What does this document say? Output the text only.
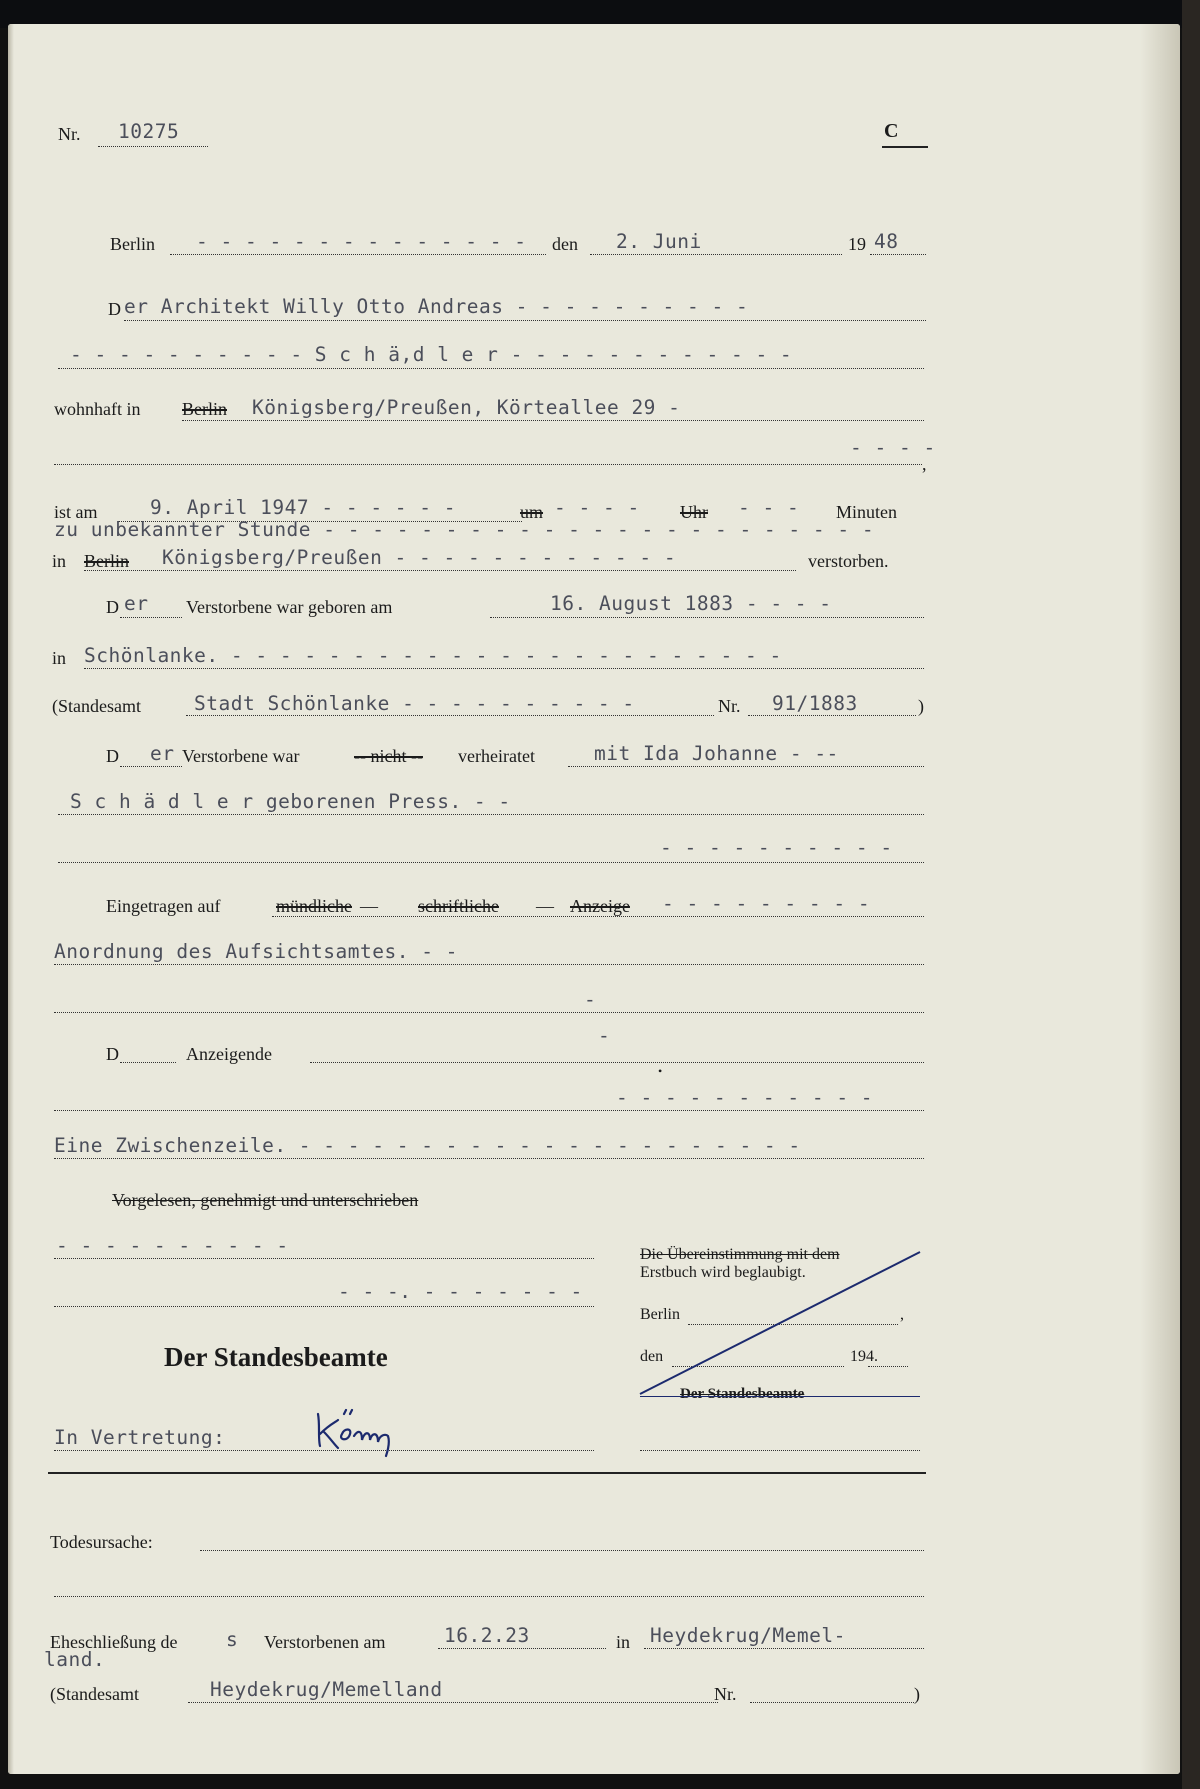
Nr. 10275	C
Berlin - - - - - - - - - - - - - - den 2. Juni	19 48
D er Architekt Willy Otto Andreas - - - - - - - - - -
- - - - - - - - - - S c h ä,d l e r - - - - - - - - - - - -
wohnhaft in Berlin Königsberg/Preußen, Körteallee 29 -
- - - -
,
ist am	9. April 1947 - - - - - -	um - - - - Uhr - - - Minuten
zu unbekannter Stunde - - - - - - - - - - - - - - - - - - - - - - -
in Berlin Königsberg/Preußen - - - - - - - - - - - -	verstorben.
D er Verstorbene war geboren am	16. August 1883 - - - -
in Schönlanke. - - - - - - - - - - - - - - - - - - - - - - -
(Standesamt	Stadt Schönlanke - - - - - - - - - -	Nr. 91/1883	)
D er Verstorbene war	-- nicht -- verheiratet	mit Ida Johanne - --
S c h ä d l e r geborenen Press. - -
- - - - - - - - - -
Eingetragen auf	mündliche — schriftliche — Anzeige - - - - - - - - -
Anordnung des Aufsichtsamtes. - -
-
D	Anzeigende
-
•
- - - - - - - - - - -
Eine Zwischenzeile. - - - - - - - - - - - - - - - - - - - - -
Vorgelesen, genehmigt und unterschrieben
- - - - - - - - - -
- - -. - - - - - - -
Der Standesbeamte
In Vertretung:
Die Übereinstimmung mit dem
Erstbuch wird beglaubigt.
Berlin	,
den	194.
Der Standesbeamte
Todesursache:
Eheschließung de s Verstorbenen am	16.2.23	in Heydekrug/Memel-
land.
(Standesamt	Heydekrug/Memelland	Nr.	)
